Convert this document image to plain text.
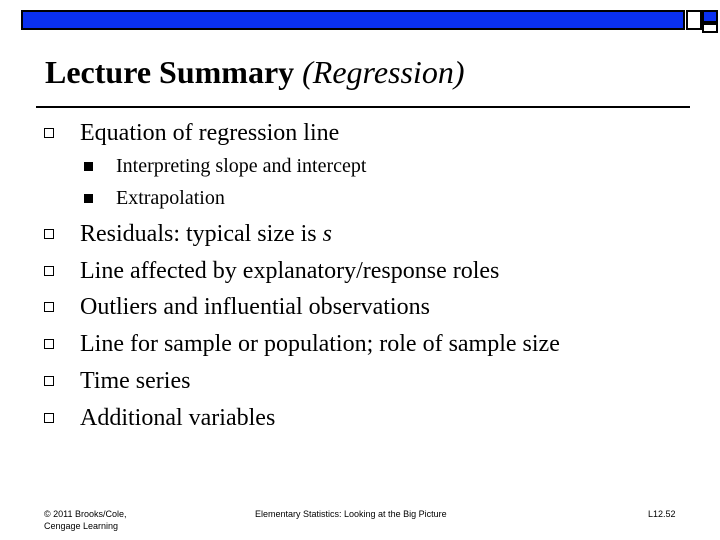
Lecture Summary (Regression)
Equation of regression line
Interpreting slope and intercept
Extrapolation
Residuals: typical size is s
Line affected by explanatory/response roles
Outliers and influential observations
Line for sample or population; role of sample size
Time series
Additional variables
© 2011 Brooks/Cole,
Cengage Learning
Elementary Statistics: Looking at the Big Picture	L12.52
